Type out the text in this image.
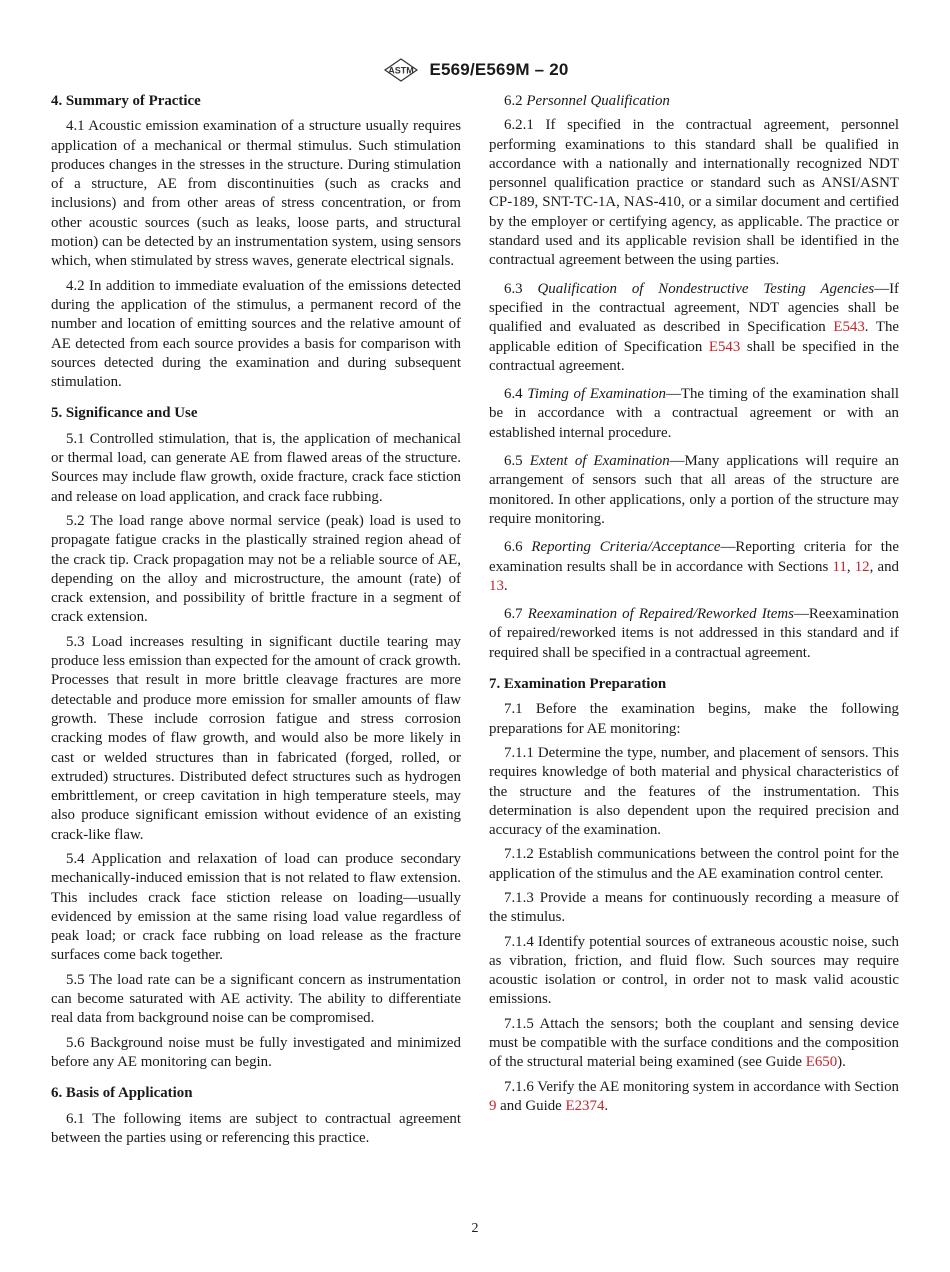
ASTM E569/E569M – 20
4. Summary of Practice

4.1 Acoustic emission examination of a structure usually requires application of a mechanical or thermal stimulus. Such stimulation produces changes in the stresses in the structure. During stimulation of a structure, AE from discontinuities (such as cracks and inclusions) and from other areas of stress concentration, or from other acoustic sources (such as leaks, loose parts, and structural motion) can be detected by an instrumentation system, using sensors which, when stimulated by stress waves, generate electrical signals.

4.2 In addition to immediate evaluation of the emissions detected during the application of the stimulus, a permanent record of the number and location of emitting sources and the relative amount of AE detected from each source provides a basis for comparison with sources detected during the examination and during subsequent stimulation.

5. Significance and Use

5.1 Controlled stimulation, that is, the application of mechanical or thermal load, can generate AE from flawed areas of the structure. Sources may include flaw growth, oxide fracture, crack face stiction and release on load application, and crack face rubbing.

5.2 The load range above normal service (peak) load is used to propagate fatigue cracks in the plastically strained region ahead of the crack tip. Crack propagation may not be a reliable source of AE, depending on the alloy and microstructure, the amount (rate) of crack extension, and possibility of brittle fracture in a segment of crack extension.

5.3 Load increases resulting in significant ductile tearing may produce less emission than expected for the amount of crack growth. Processes that result in more brittle cleavage fractures are more detectable and produce more emission for smaller amounts of flaw growth. These include corrosion fatigue and stress corrosion cracking modes of flaw growth, and would also be more likely in cast or welded structures than in fabricated (forged, rolled, or extruded) structures. Distributed defect structures such as hydrogen embrittlement, or creep cavitation in high temperature steels, may also produce significant emission without evidence of an existing crack-like flaw.

5.4 Application and relaxation of load can produce secondary mechanically-induced emission that is not related to flaw extension. This includes crack face stiction release on loading—usually evidenced by emission at the same rising load value regardless of peak load; or crack face rubbing on load release as the fracture surfaces come back together.

5.5 The load rate can be a significant concern as instrumentation can become saturated with AE activity. The ability to differentiate real data from background noise can be compromised.

5.6 Background noise must be fully investigated and minimized before any AE monitoring can begin.

6. Basis of Application

6.1 The following items are subject to contractual agreement between the parties using or referencing this practice.

6.2 Personnel Qualification

6.2.1 If specified in the contractual agreement, personnel performing examinations to this standard shall be qualified in accordance with a nationally and internationally recognized NDT personnel qualification practice or standard such as ANSI/ASNT CP-189, SNT-TC-1A, NAS-410, or a similar document and certified by the employer or certifying agency, as applicable. The practice or standard used and its applicable revision shall be identified in the contractual agreement between the using parties.

6.3 Qualification of Nondestructive Testing Agencies—If specified in the contractual agreement, NDT agencies shall be qualified and evaluated as described in Specification E543. The applicable edition of Specification E543 shall be specified in the contractual agreement.

6.4 Timing of Examination—The timing of the examination shall be in accordance with a contractual agreement or with an established internal procedure.

6.5 Extent of Examination—Many applications will require an arrangement of sensors such that all areas of the structure are monitored. In other applications, only a portion of the structure may require monitoring.

6.6 Reporting Criteria/Acceptance—Reporting criteria for the examination results shall be in accordance with Sections 11, 12, and 13.

6.7 Reexamination of Repaired/Reworked Items—Reexamination of repaired/reworked items is not addressed in this standard and if required shall be specified in a contractual agreement.

7. Examination Preparation

7.1 Before the examination begins, make the following preparations for AE monitoring:

7.1.1 Determine the type, number, and placement of sensors. This requires knowledge of both material and physical characteristics of the structure and the features of the instrumentation. This determination is also dependent upon the required precision and accuracy of the examination.

7.1.2 Establish communications between the control point for the application of the stimulus and the AE examination control center.

7.1.3 Provide a means for continuously recording a measure of the stimulus.

7.1.4 Identify potential sources of extraneous acoustic noise, such as vibration, friction, and fluid flow. Such sources may require acoustic isolation or control, in order not to mask valid acoustic emissions.

7.1.5 Attach the sensors; both the couplant and sensing device must be compatible with the surface conditions and the composition of the structural material being examined (see Guide E650).

7.1.6 Verify the AE monitoring system in accordance with Section 9 and Guide E2374.

2
